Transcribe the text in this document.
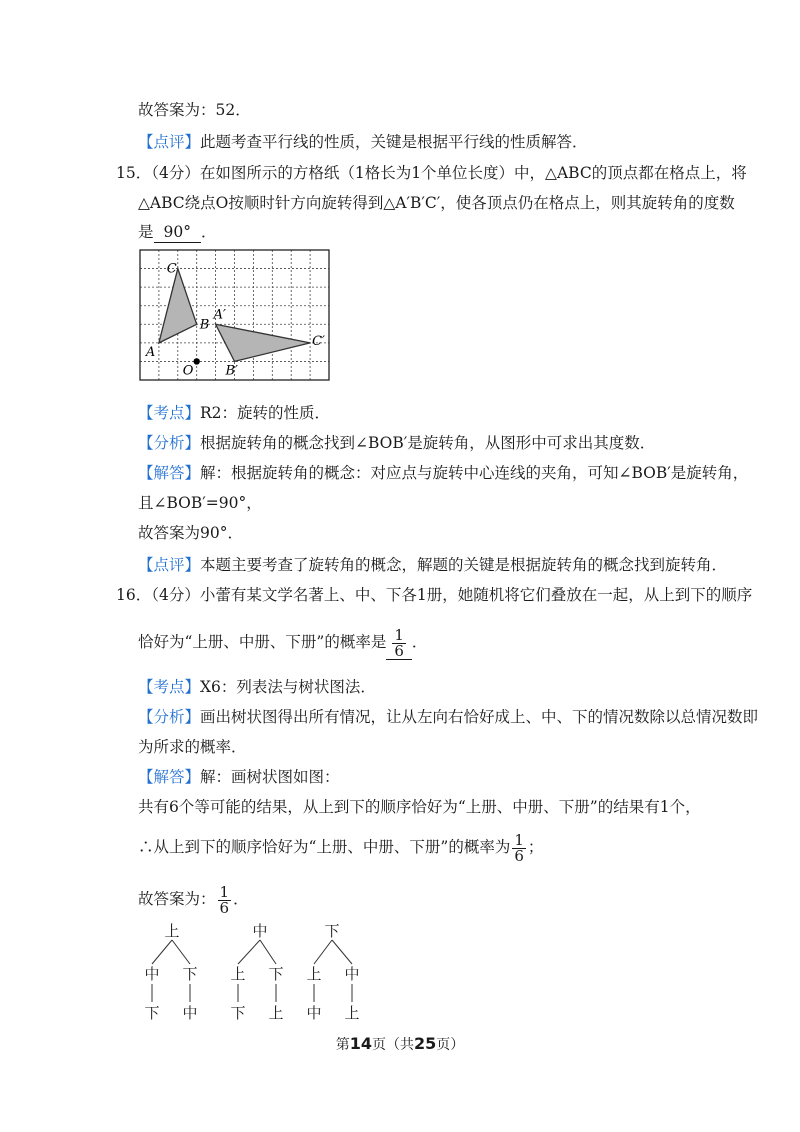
故答案为：52．
【点评】此题考查平行线的性质，关键是根据平行线的性质解答．
15．（4分）在如图所示的方格纸（1格长为1个单位长度）中，△ABC的顶点都在格点上，将
△ABC绕点O按顺时针方向旋转得到△A′B′C′，使各顶点仍在格点上，则其旋转角的度数
是 90° ．
C
A
B
O
A′
B′
C′
【考点】R2：旋转的性质．
【分析】根据旋转角的概念找到∠BOB′是旋转角，从图形中可求出其度数．
【解答】解：根据旋转角的概念：对应点与旋转中心连线的夹角，可知∠BOB′是旋转角，
且∠BOB′=90°，
故答案为90°．
【点评】本题主要考查了旋转角的概念，解题的关键是根据旋转角的概念找到旋转角．
16．（4分）小蕾有某文学名著上、中、下各1册，她随机将它们叠放在一起，从上到下的顺序
恰好为“上册、中册、下册”的概率是 $\frac{1}{6}$ ．
【考点】X6：列表法与树状图法．
【分析】画出树状图得出所有情况，让从左向右恰好成上、中、下的情况数除以总情况数即
为所求的概率．
【解答】解：画树状图如图：
共有6个等可能的结果，从上到下的顺序恰好为“上册、中册、下册”的结果有1个，
∴从上到下的顺序恰好为“上册、中册、下册”的概率为 $\frac{1}{6}$ ；
故答案为： $\frac{1}{6}$ ．
上
中
下
下
中
中
上
下
下
上
下
上
中
中
上
第14页（共25页）
